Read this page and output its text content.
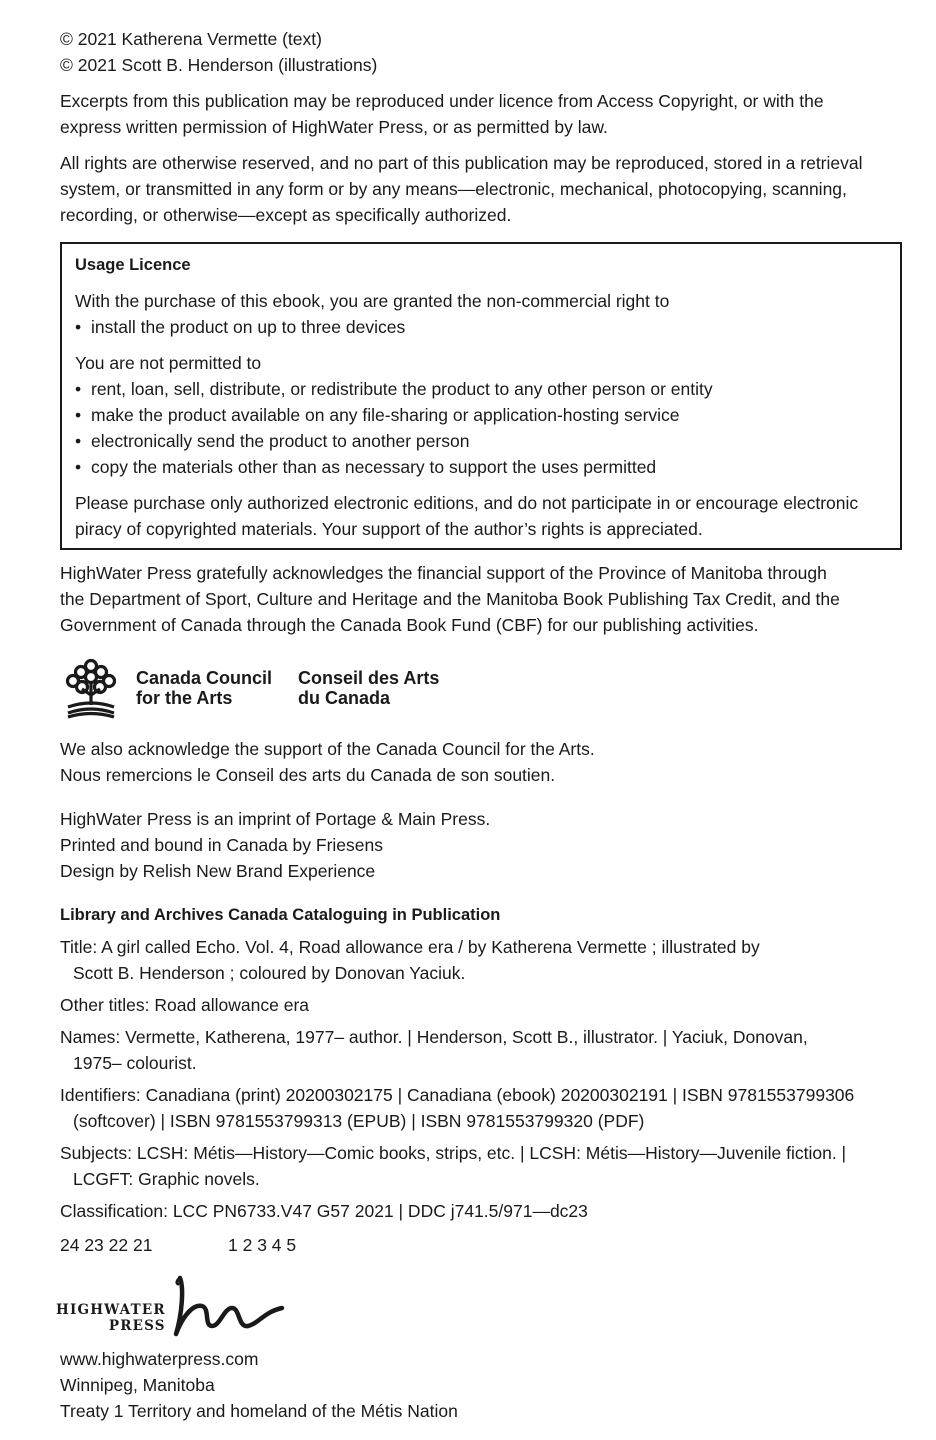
© 2021 Katherena Vermette (text)
© 2021 Scott B. Henderson (illustrations)

Excerpts from this publication may be reproduced under licence from Access Copyright, or with the
express written permission of HighWater Press, or as permitted by law.

All rights are otherwise reserved, and no part of this publication may be reproduced, stored in a retrieval
system, or transmitted in any form or by any means—electronic, mechanical, photocopying, scanning,
recording, or otherwise—except as specifically authorized.

Usage Licence

With the purchase of this ebook, you are granted the non-commercial right to
• install the product on up to three devices

You are not permitted to
• rent, loan, sell, distribute, or redistribute the product to any other person or entity
• make the product available on any file-sharing or application-hosting service
• electronically send the product to another person
• copy the materials other than as necessary to support the uses permitted

Please purchase only authorized electronic editions, and do not participate in or encourage electronic
piracy of copyrighted materials. Your support of the author’s rights is appreciated.

HighWater Press gratefully acknowledges the financial support of the Province of Manitoba through
the Department of Sport, Culture and Heritage and the Manitoba Book Publishing Tax Credit, and the
Government of Canada through the Canada Book Fund (CBF) for our publishing activities.

Canada Council
for the Arts
Conseil des Arts
du Canada

We also acknowledge the support of the Canada Council for the Arts.
Nous remercions le Conseil des arts du Canada de son soutien.

HighWater Press is an imprint of Portage & Main Press.
Printed and bound in Canada by Friesens
Design by Relish New Brand Experience

Library and Archives Canada Cataloguing in Publication

Title: A girl called Echo. Vol. 4, Road allowance era / by Katherena Vermette ; illustrated by
Scott B. Henderson ; coloured by Donovan Yaciuk.

Other titles: Road allowance era

Names: Vermette, Katherena, 1977– author. | Henderson, Scott B., illustrator. | Yaciuk, Donovan,
1975– colourist.

Identifiers: Canadiana (print) 20200302175 | Canadiana (ebook) 20200302191 | ISBN 9781553799306
(softcover) | ISBN 9781553799313 (EPUB) | ISBN 9781553799320 (PDF)

Subjects: LCSH: Métis—History—Comic books, strips, etc. | LCSH: Métis—History—Juvenile fiction. |
LCGFT: Graphic novels.

Classification: LCC PN6733.V47 G57 2021 | DDC j741.5/971—dc23

24 23 22 21	1 2 3 4 5
HIGHWATER
PRESS

www.highwaterpress.com
Winnipeg, Manitoba
Treaty 1 Territory and homeland of the Métis Nation
